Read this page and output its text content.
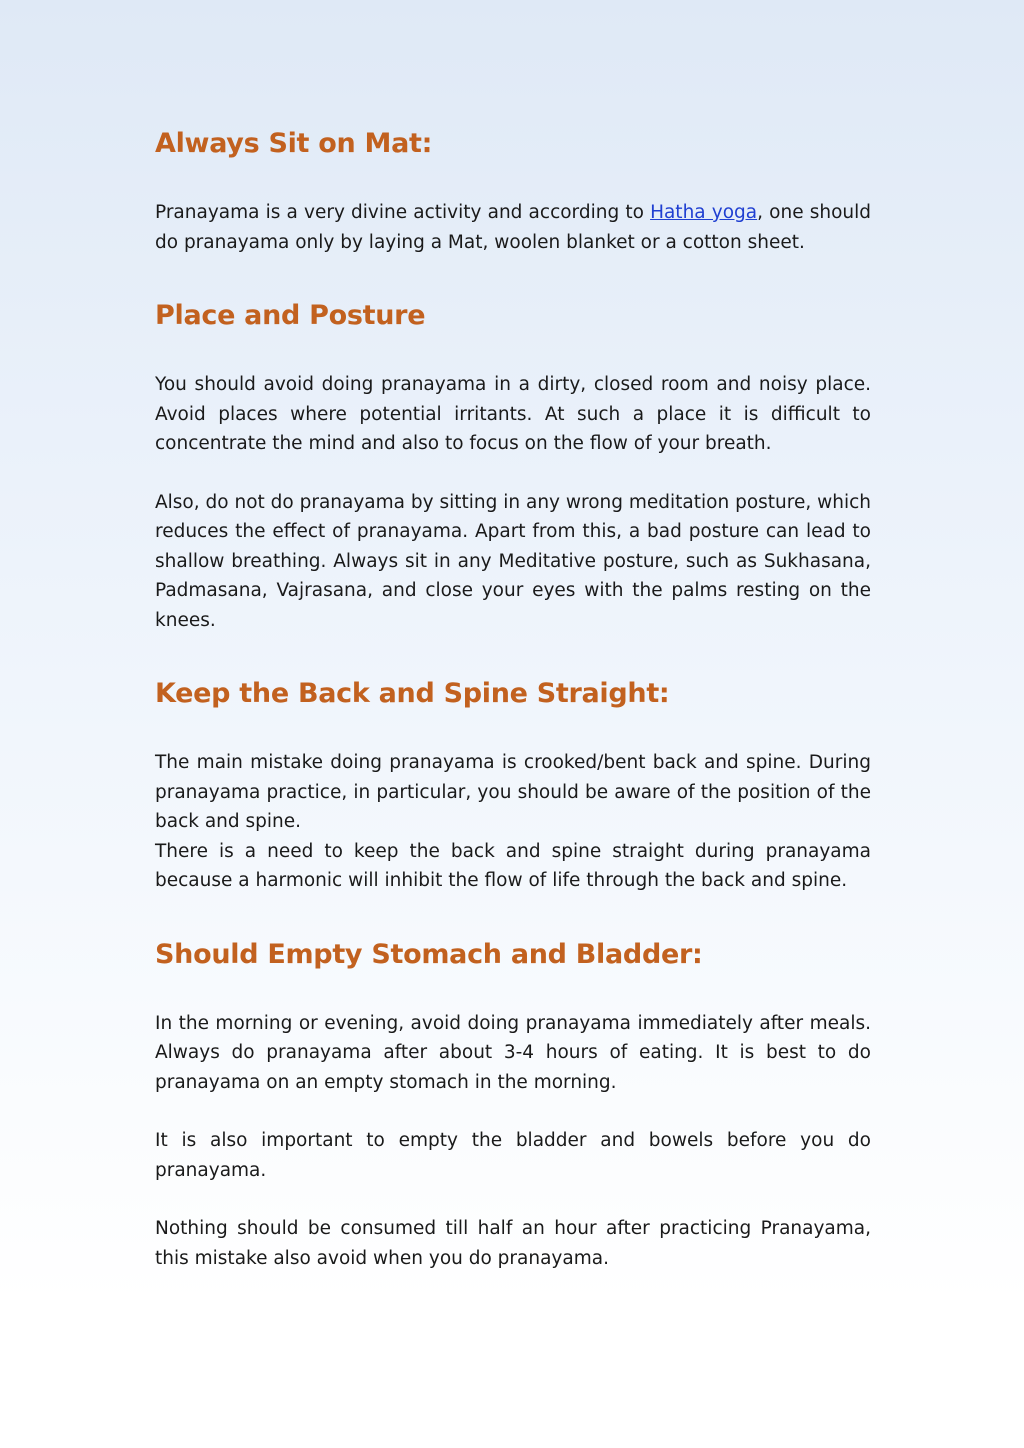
Always Sit on Mat:

Pranayama is a very divine activity and according to Hatha yoga, one should do pranayama only by laying a Mat, woolen blanket or a cotton sheet.

Place and Posture

You should avoid doing pranayama in a dirty, closed room and noisy place. Avoid places where potential irritants. At such a place it is difficult to concentrate the mind and also to focus on the flow of your breath.

Also, do not do pranayama by sitting in any wrong meditation posture, which reduces the effect of pranayama. Apart from this, a bad posture can lead to shallow breathing. Always sit in any Meditative posture, such as Sukhasana, Padmasana, Vajrasana, and close your eyes with the palms resting on the knees.

Keep the Back and Spine Straight:

The main mistake doing pranayama is crooked/bent back and spine. During pranayama practice, in particular, you should be aware of the position of the back and spine.

There is a need to keep the back and spine straight during pranayama because a harmonic will inhibit the flow of life through the back and spine.

Should Empty Stomach and Bladder:

In the morning or evening, avoid doing pranayama immediately after meals. Always do pranayama after about 3-4 hours of eating. It is best to do pranayama on an empty stomach in the morning.

It is also important to empty the bladder and bowels before you do pranayama.

Nothing should be consumed till half an hour after practicing Pranayama, this mistake also avoid when you do pranayama.
